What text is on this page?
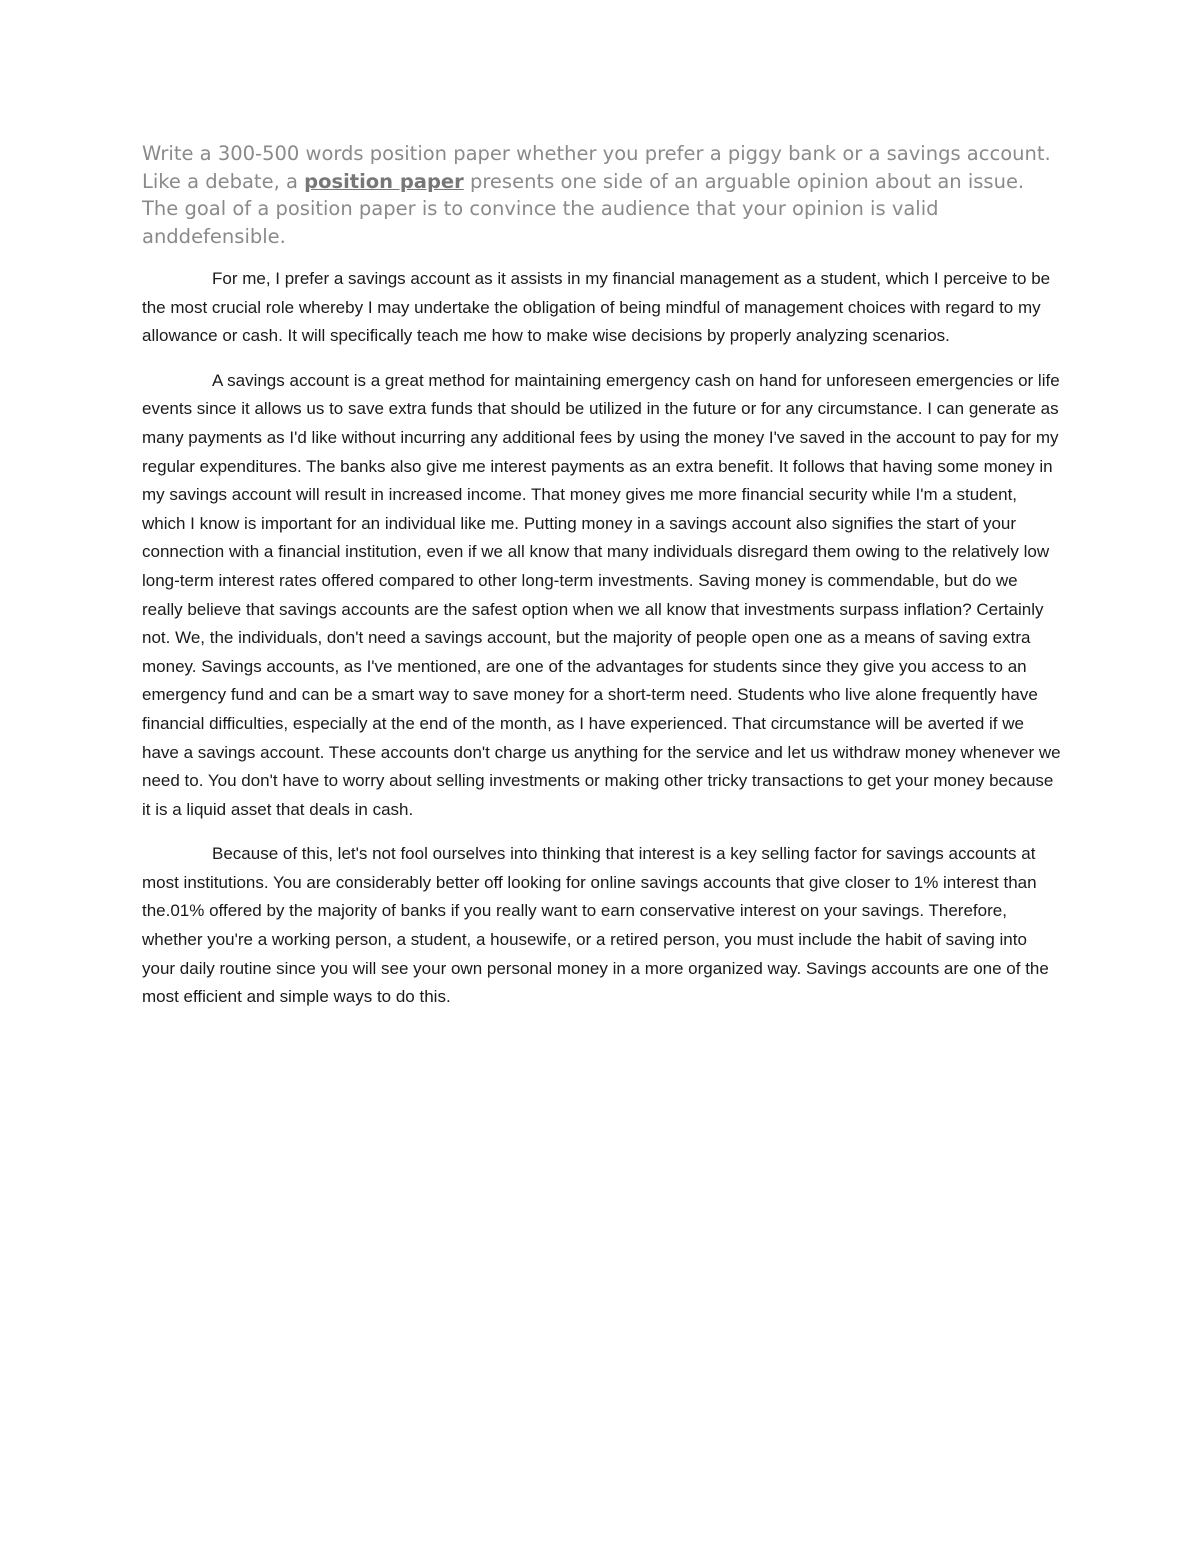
Write a 300-500 words position paper whether you prefer a piggy bank or a savings account. Like a debate, a position paper presents one side of an arguable opinion about an issue. The goal of a position paper is to convince the audience that your opinion is valid anddefensible.

For me, I prefer a savings account as it assists in my financial management as a student, which I perceive to be the most crucial role whereby I may undertake the obligation of being mindful of management choices with regard to my allowance or cash. It will specifically teach me how to make wise decisions by properly analyzing scenarios.

A savings account is a great method for maintaining emergency cash on hand for unforeseen emergencies or life events since it allows us to save extra funds that should be utilized in the future or for any circumstance. I can generate as many payments as I'd like without incurring any additional fees by using the money I've saved in the account to pay for my regular expenditures. The banks also give me interest payments as an extra benefit. It follows that having some money in my savings account will result in increased income. That money gives me more financial security while I'm a student, which I know is important for an individual like me. Putting money in a savings account also signifies the start of your connection with a financial institution, even if we all know that many individuals disregard them owing to the relatively low long-term interest rates offered compared to other long-term investments. Saving money is commendable, but do we really believe that savings accounts are the safest option when we all know that investments surpass inflation? Certainly not. We, the individuals, don't need a savings account, but the majority of people open one as a means of saving extra money. Savings accounts, as I've mentioned, are one of the advantages for students since they give you access to an emergency fund and can be a smart way to save money for a short-term need. Students who live alone frequently have financial difficulties, especially at the end of the month, as I have experienced. That circumstance will be averted if we have a savings account. These accounts don't charge us anything for the service and let us withdraw money whenever we need to. You don't have to worry about selling investments or making other tricky transactions to get your money because it is a liquid asset that deals in cash.

Because of this, let's not fool ourselves into thinking that interest is a key selling factor for savings accounts at most institutions. You are considerably better off looking for online savings accounts that give closer to 1% interest than the.01% offered by the majority of banks if you really want to earn conservative interest on your savings. Therefore, whether you're a working person, a student, a housewife, or a retired person, you must include the habit of saving into your daily routine since you will see your own personal money in a more organized way. Savings accounts are one of the most efficient and simple ways to do this.
